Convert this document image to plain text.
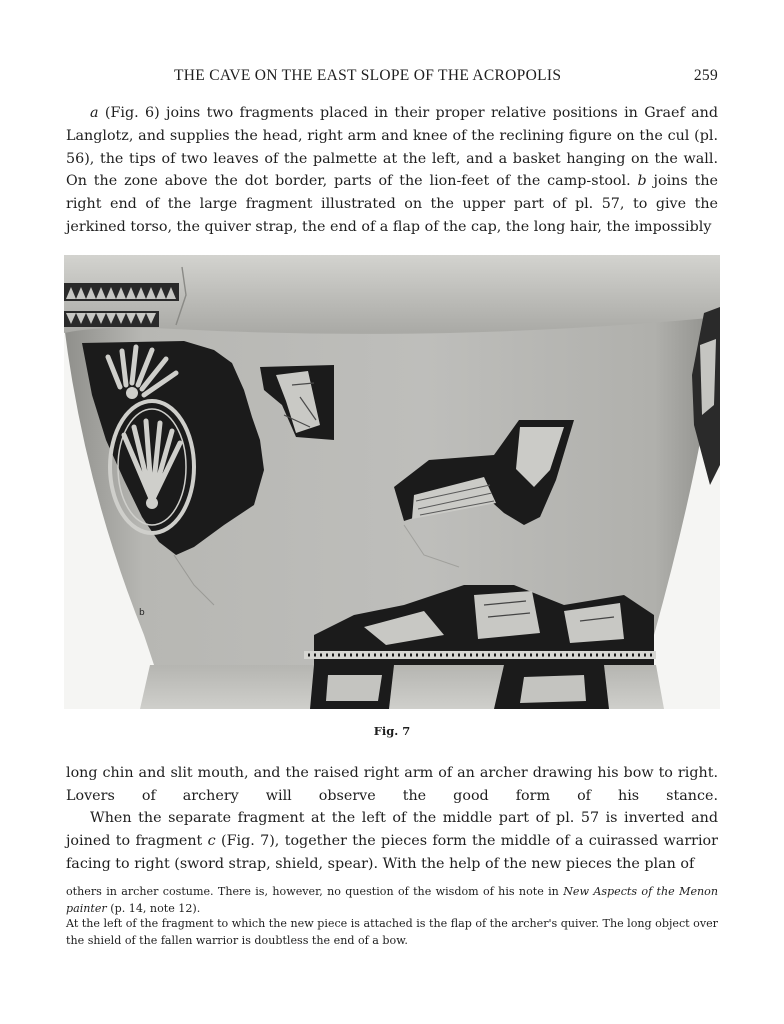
THE CAVE ON THE EAST SLOPE OF THE ACROPOLIS	259

a (Fig. 6) joins two fragments placed in their proper relative positions in Graef and Langlotz, and supplies the head, right arm and knee of the reclining figure on the cul (pl. 56), the tips of two leaves of the palmette at the left, and a basket hanging on the wall. On the zone above the dot border, parts of the lion-feet of the camp-stool. b joins the right end of the large fragment illustrated on the upper part of pl. 57, to give the jerkined torso, the quiver strap, the end of a flap of the cap, the long hair, the impossibly

b
Fig. 7

long chin and slit mouth, and the raised right arm of an archer drawing his bow to right. Lovers of archery will observe the good form of his stance.

When the separate fragment at the left of the middle part of pl. 57 is inverted and joined to fragment c (Fig. 7), together the pieces form the middle of a cuirassed warrior facing to right (sword strap, shield, spear). With the help of the new pieces the plan of

others in archer costume. There is, however, no question of the wisdom of his note in New Aspects of the Menon painter (p. 14, note 12).

At the left of the fragment to which the new piece is attached is the flap of the archer's quiver. The long object over the shield of the fallen warrior is doubtless the end of a bow.
